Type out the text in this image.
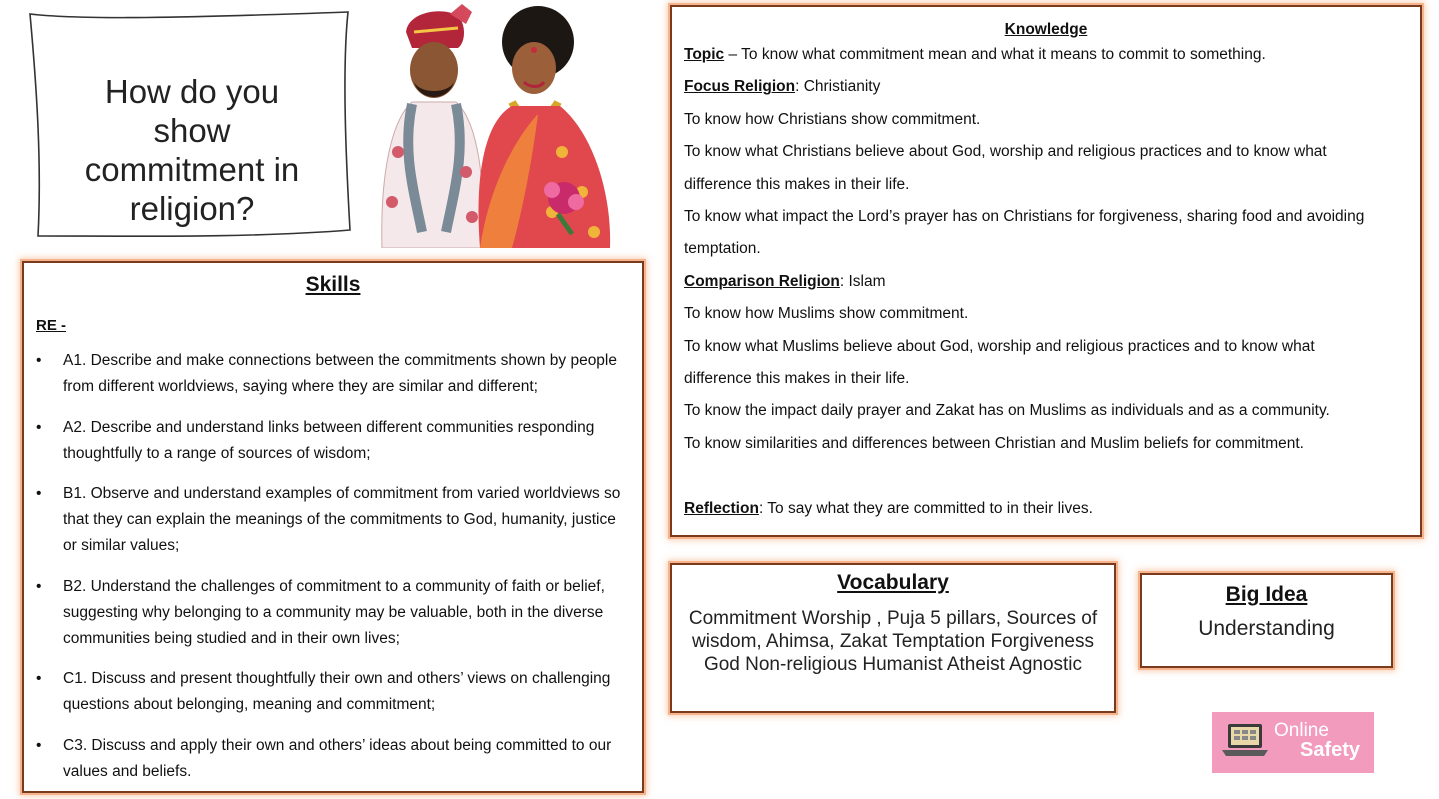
How do you show commitment in religion?
Skills
RE -
• A1. Describe and make connections between the commitments shown by people from different worldviews, saying where they are similar and different;
• A2. Describe and understand links between different communities responding thoughtfully to a range of sources of wisdom;
• B1. Observe and understand examples of commitment from varied worldviews so that they can explain the meanings of the commitments to God, humanity, justice or similar values;
• B2. Understand the challenges of commitment to a community of faith or belief, suggesting why belonging to a community may be valuable, both in the diverse communities being studied and in their own lives;
• C1. Discuss and present thoughtfully their own and others’ views on challenging questions about belonging, meaning and commitment;
• C3. Discuss and apply their own and others’ ideas about being committed to our values and beliefs.
Knowledge
Topic – To know what commitment mean and what it means to commit to something.
Focus Religion: Christianity
To know how Christians show commitment.
To know what Christians believe about God, worship and religious practices and to know what
difference this makes in their life.
To know what impact the Lord’s prayer has on Christians for forgiveness, sharing food and avoiding
temptation.
Comparison Religion: Islam
To know how Muslims show commitment.
To know what Muslims believe about God, worship and religious practices and to know what
difference this makes in their life.
To know the impact daily prayer and Zakat has on Muslims as individuals and as a community.
To know similarities and differences between Christian and Muslim beliefs for commitment.
Reflection: To say what they are committed to in their lives.
Vocabulary

Commitment Worship , Puja 5 pillars, Sources of wisdom, Ahimsa, Zakat Temptation Forgiveness God Non-religious Humanist Atheist Agnostic

Big Idea

Understanding

Online
Safety
